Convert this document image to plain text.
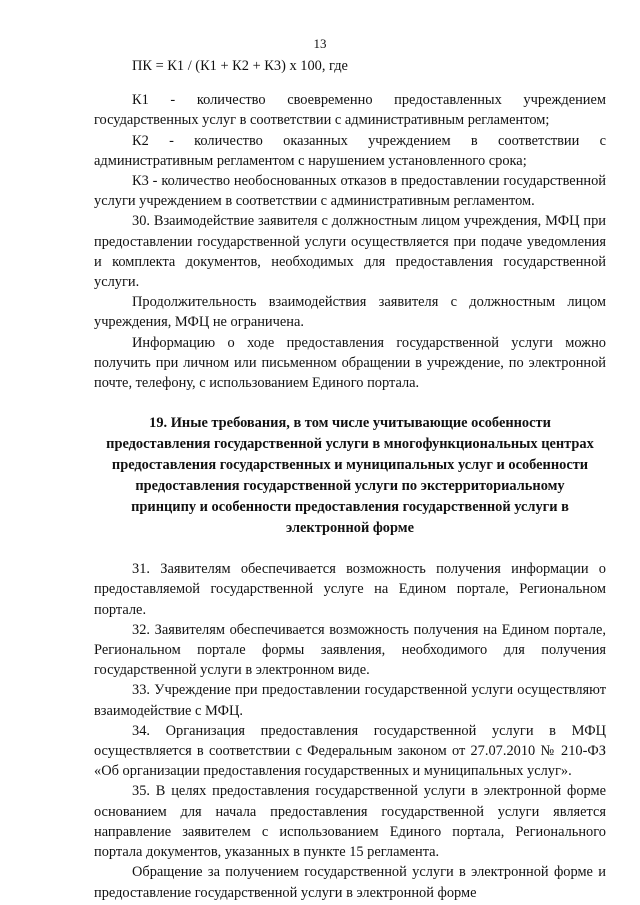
13

ПК = К1 / (К1 + К2 + К3) х 100, где

К1 - количество своевременно предоставленных учреждением государственных услуг в соответствии с административным регламентом;

К2 - количество оказанных учреждением в соответствии с административным регламентом с нарушением установленного срока;

К3 - количество необоснованных отказов в предоставлении государственной услуги учреждением в соответствии с административным регламентом.

30. Взаимодействие заявителя с должностным лицом учреждения, МФЦ при предоставлении государственной услуги осуществляется при подаче уведомления и комплекта документов, необходимых для предоставления государственной услуги.

Продолжительность взаимодействия заявителя с должностным лицом учреждения, МФЦ не ограничена.

Информацию о ходе предоставления государственной услуги можно получить при личном или письменном обращении в учреждение, по электронной почте, телефону, с использованием Единого портала.

19. Иные требования, в том числе учитывающие особенности предоставления государственной услуги в многофункциональных центрах предоставления государственных и муниципальных услуг и особенности предоставления государственной услуги по экстерриториальному принципу и особенности предоставления государственной услуги в электронной форме

31. Заявителям обеспечивается возможность получения информации о предоставляемой государственной услуге на Едином портале, Региональном портале.

32. Заявителям обеспечивается возможность получения на Едином портале, Региональном портале формы заявления, необходимого для получения государственной услуги в электронном виде.

33. Учреждение при предоставлении государственной услуги осуществляют взаимодействие с МФЦ.

34. Организация предоставления государственной услуги в МФЦ осуществляется в соответствии с Федеральным законом от 27.07.2010 № 210-ФЗ «Об организации предоставления государственных и муниципальных услуг».

35. В целях предоставления государственной услуги в электронной форме основанием для начала предоставления государственной услуги является направление заявителем с использованием Единого портала, Регионального портала документов, указанных в пункте 15 регламента.

Обращение за получением государственной услуги в электронной форме и предоставление государственной услуги в электронной форме
